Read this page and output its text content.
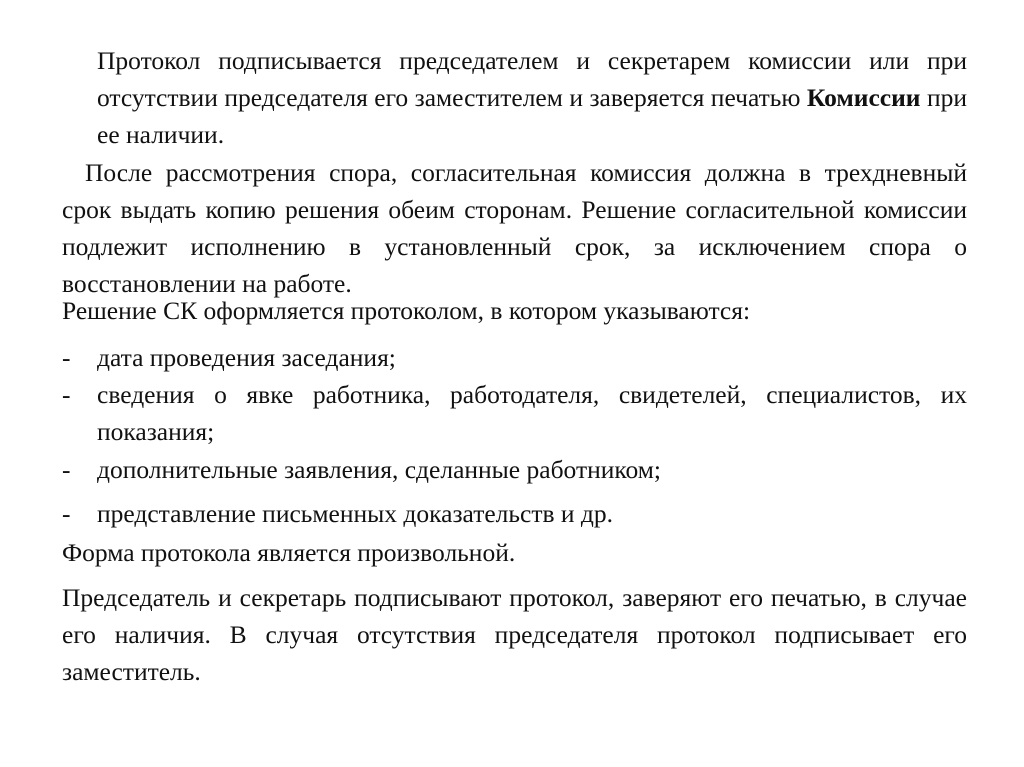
Протокол подписывается председателем и секретарем комиссии или при отсутствии председателя его заместителем и заверяется печатью Комиссии при ее наличии.

После рассмотрения спора, согласительная комиссия должна в трехдневный срок выдать копию решения обеим сторонам. Решение согласительной комиссии подлежит исполнению в установленный срок, за исключением спора о восстановлении на работе.

Решение СК оформляется протоколом, в котором указываются:

- дата проведения заседания;

- сведения о явке работника, работодателя, свидетелей, специалистов, их показания;

- дополнительные заявления, сделанные работником;

- представление письменных доказательств и др.

Форма протокола является произвольной.

Председатель и секретарь подписывают протокол, заверяют его печатью, в случае его наличия. В случая отсутствия председателя протокол подписывает его заместитель.
